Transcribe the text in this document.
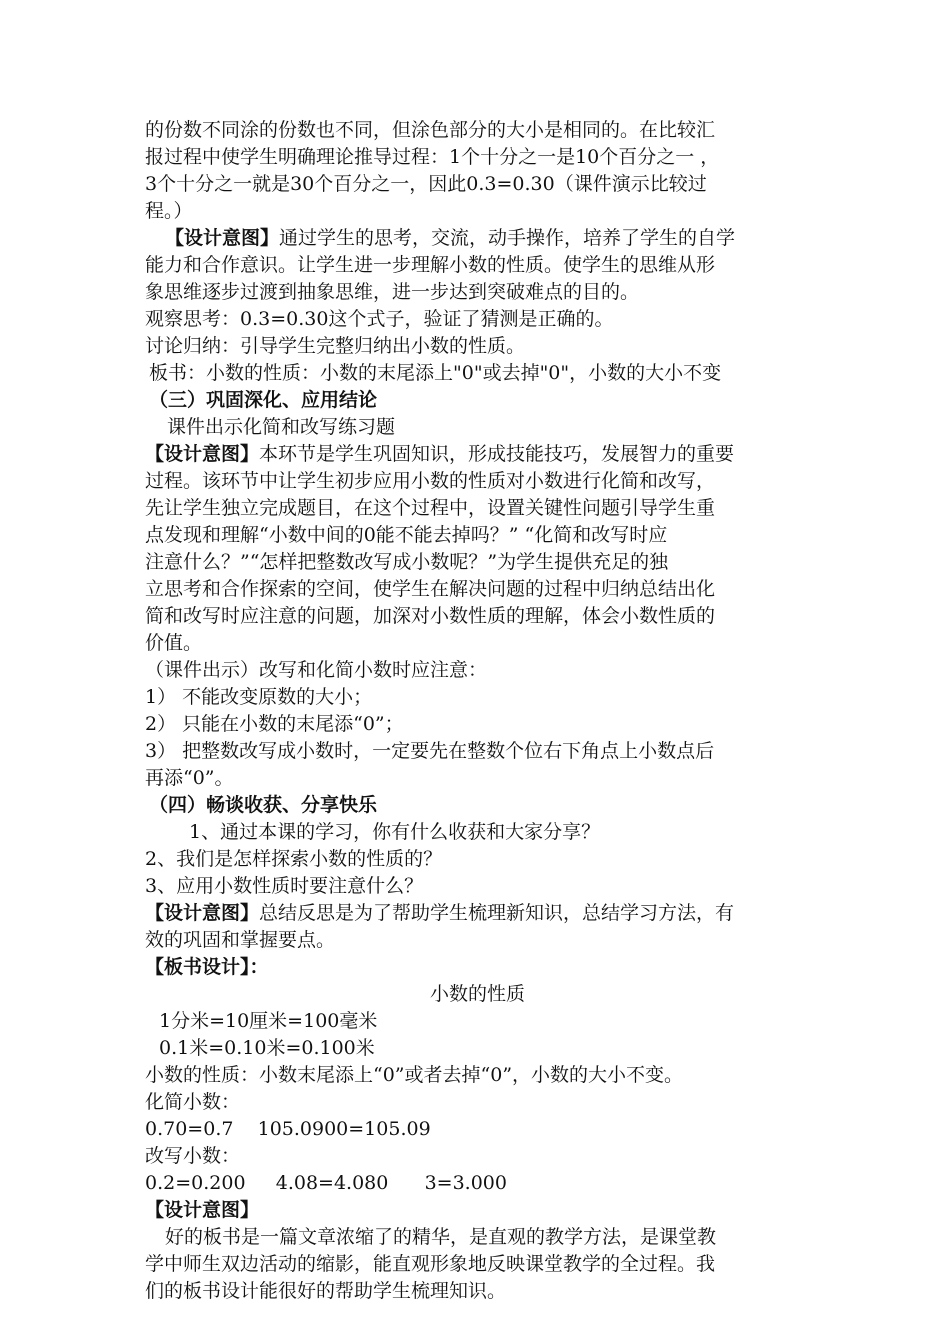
的份数不同涂的份数也不同，但涂色部分的大小是相同的。在比较汇
报过程中使学生明确理论推导过程：1个十分之一是10个百分之一 ，
3个十分之一就是30个百分之一，因此0.3=0.30（课件演示比较过
程。）
【设计意图】通过学生的思考，交流，动手操作，培养了学生的自学
能力和合作意识。让学生进一步理解小数的性质。使学生的思维从形
象思维逐步过渡到抽象思维，进一步达到突破难点的目的。
观察思考：0.3=0.30这个式子，验证了猜测是正确的。
讨论归纳：引导学生完整归纳出小数的性质。
板书：小数的性质：小数的末尾添上"0"或去掉"0"，小数的大小不变
（三）巩固深化、应用结论
课件出示化简和改写练习题
【设计意图】本环节是学生巩固知识，形成技能技巧，发展智力的重要
过程。该环节中让学生初步应用小数的性质对小数进行化简和改写，
先让学生独立完成题目，在这个过程中，设置关键性问题引导学生重
点发现和理解“小数中间的0能不能去掉吗？” “化简和改写时应
注意什么？”“怎样把整数改写成小数呢？”为学生提供充足的独
立思考和合作探索的空间，使学生在解决问题的过程中归纳总结出化
简和改写时应注意的问题，加深对小数性质的理解，体会小数性质的
价值。
（课件出示）改写和化简小数时应注意：
1） 不能改变原数的大小；
2） 只能在小数的末尾添“0”；
3） 把整数改写成小数时，一定要先在整数个位右下角点上小数点后
再添“0”。
（四）畅谈收获、分享快乐
1、通过本课的学习，你有什么收获和大家分享？
2、我们是怎样探索小数的性质的？
3、应用小数性质时要注意什么？
【设计意图】总结反思是为了帮助学生梳理新知识，总结学习方法，有
效的巩固和掌握要点。
【板书设计】：
小数的性质
1分米=10厘米=100毫米
0.1米=0.10米=0.100米
小数的性质：小数末尾添上“0”或者去掉“0”，小数的大小不变。
化简小数：
0.70=0.7    105.0900=105.09
改写小数：
0.2=0.200     4.08=4.080      3=3.000
【设计意图】
好的板书是一篇文章浓缩了的精华，是直观的教学方法，是课堂教
学中师生双边活动的缩影，能直观形象地反映课堂教学的全过程。我
们的板书设计能很好的帮助学生梳理知识。
